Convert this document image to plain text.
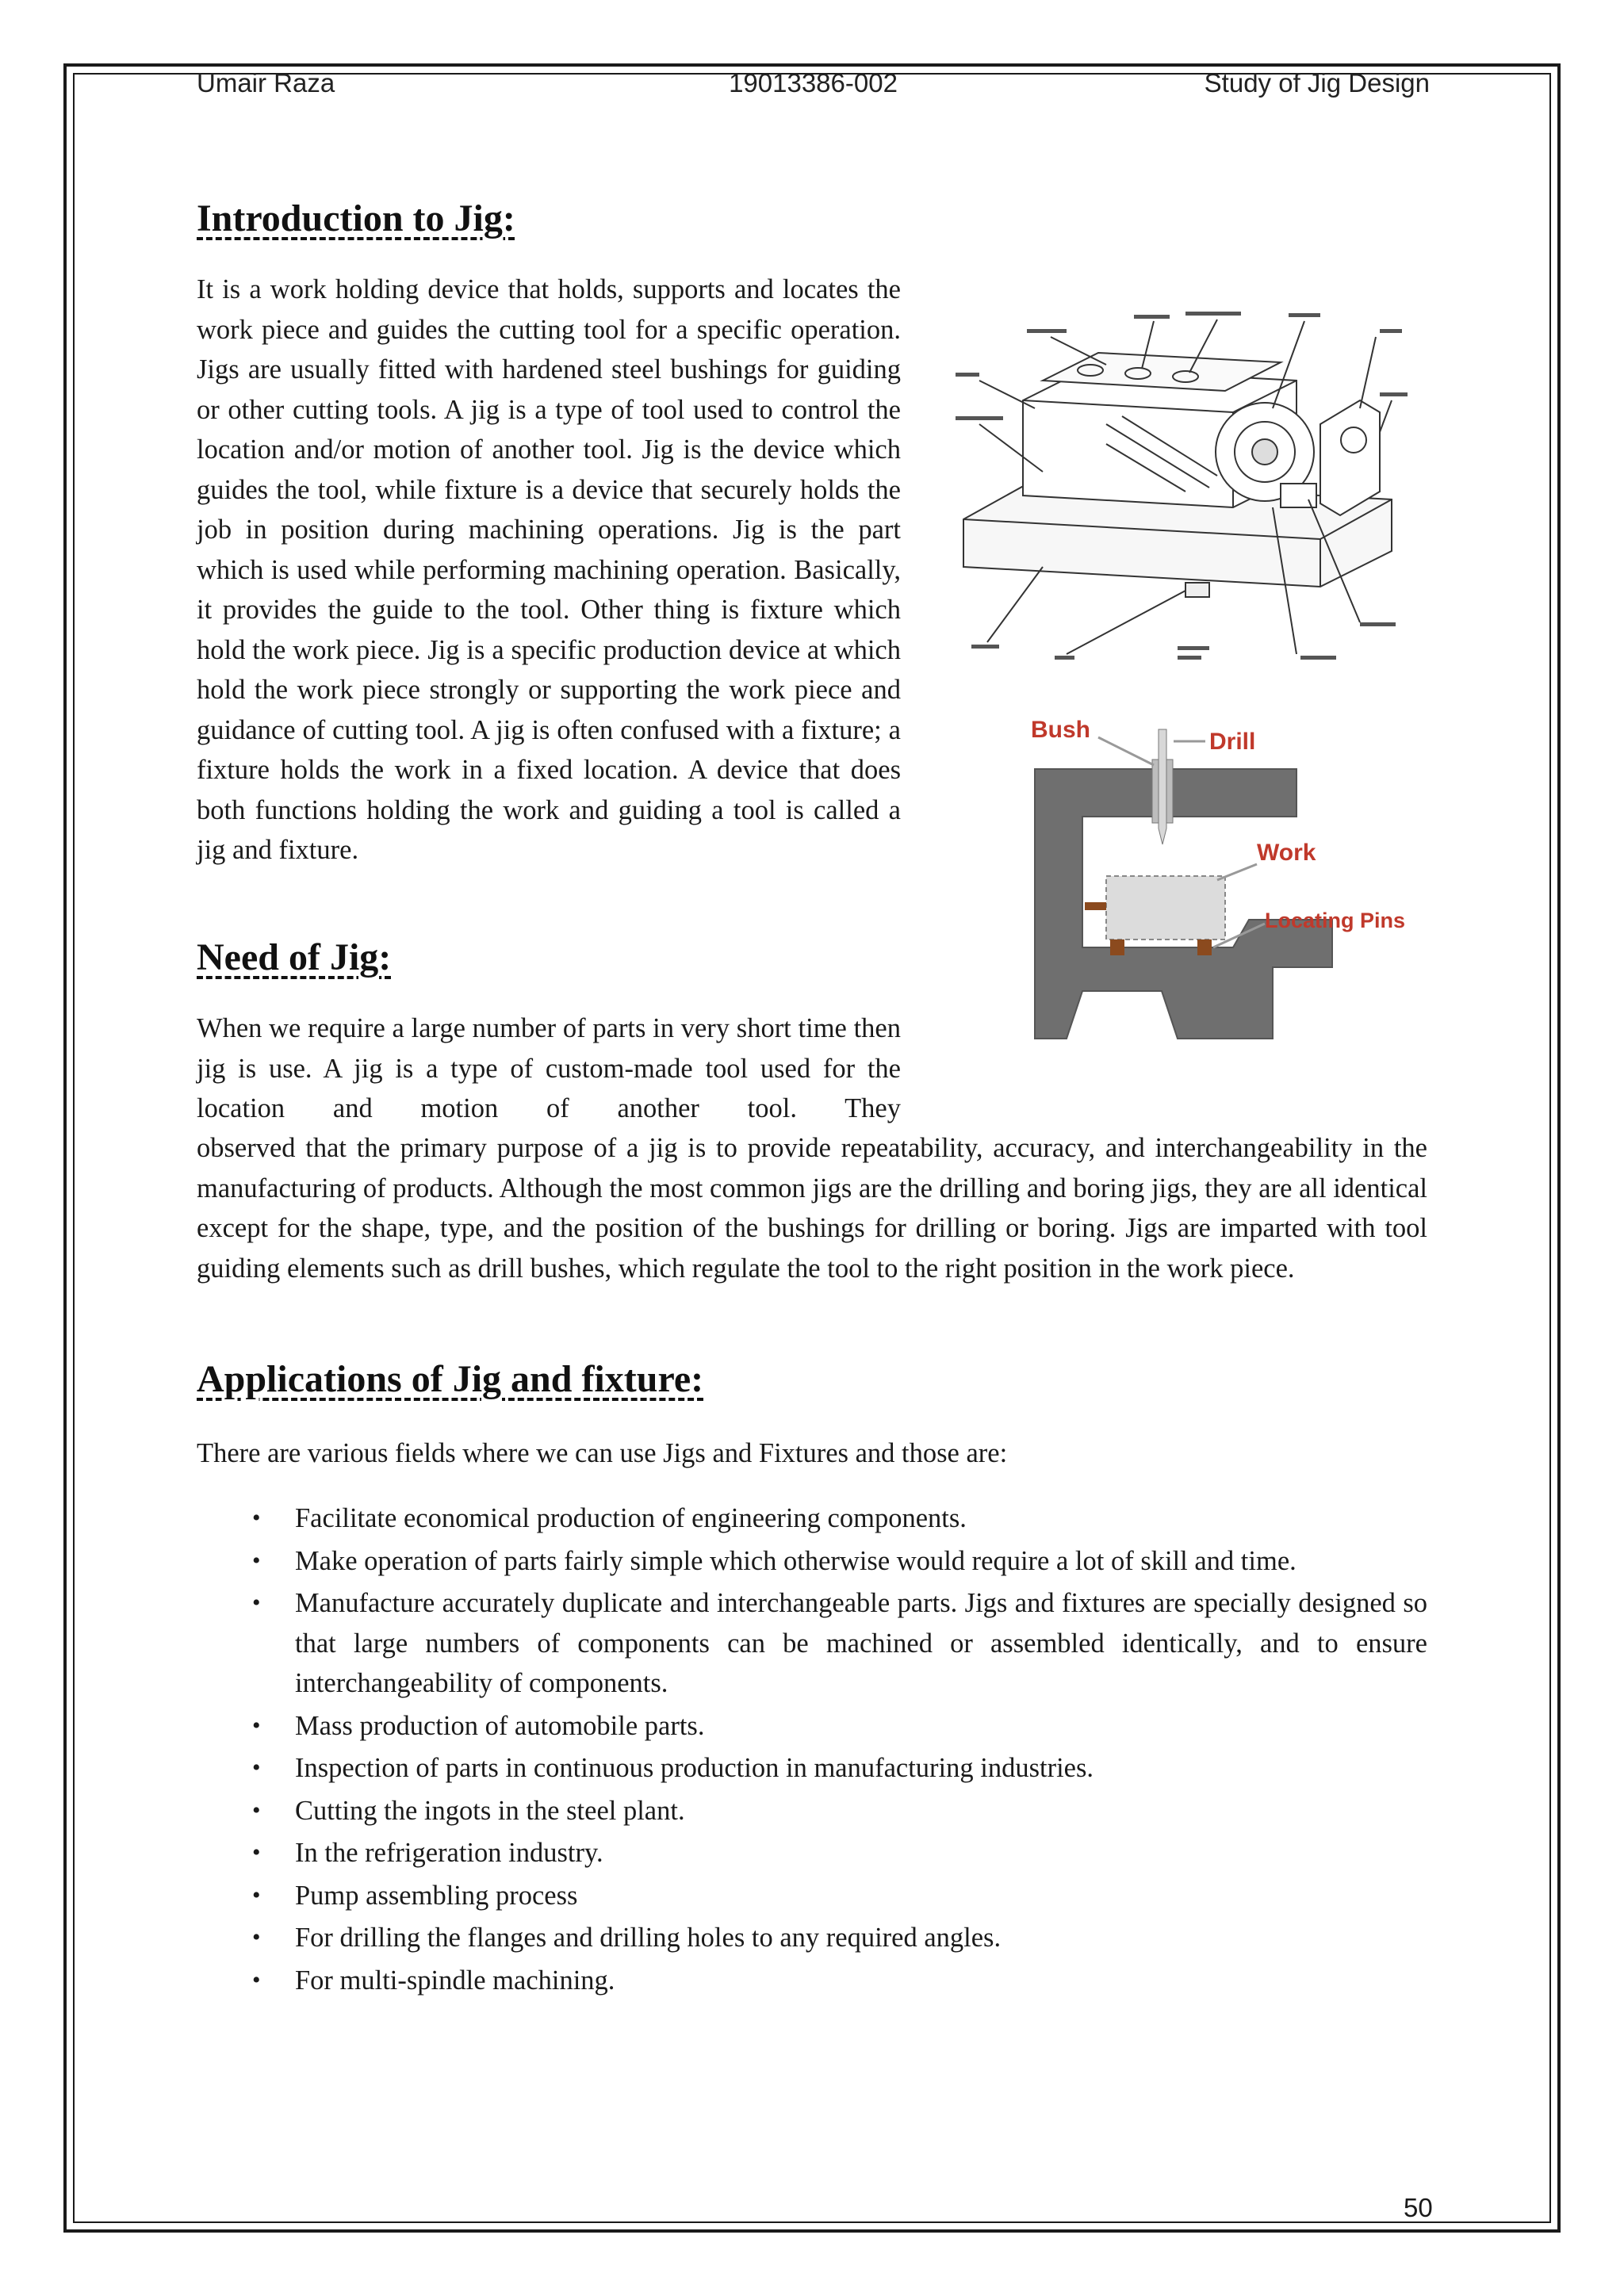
Umair Raza	19013386-002	Study of Jig Design
Introduction to Jig:

It is a work holding device that holds, supports and locates the work piece and guides the cutting tool for a specific operation. Jigs are usually fitted with hardened steel bushings for guiding or other cutting tools. A jig is a type of tool used to control the location and/or motion of another tool. Jig is the device which guides the tool, while fixture is a device that securely holds the job in position during machining operations. Jig is the part which is used while performing machining operation. Basically, it provides the guide to the tool. Other thing is fixture which hold the work piece. Jig is a specific production device at which hold the work piece strongly or supporting the work piece and guidance of cutting tool. A jig is often confused with a fixture; a fixture holds the work in a fixed location. A device that does both functions holding the work and guiding a tool is called a jig and fixture.

Need of Jig:

When we require a large number of parts in very short time then jig is use. A jig is a type of custom-made tool used for the location and motion of another tool. They

observed that the primary purpose of a jig is to provide repeatability, accuracy, and interchangeability in the manufacturing of products. Although the most common jigs are the drilling and boring jigs, they are all identical except for the shape, type, and the position of the bushings for drilling or boring. Jigs are imparted with tool guiding elements such as drill bushes, which regulate the tool to the right position in the work piece.

Applications of Jig and fixture:

There are various fields where we can use Jigs and Fixtures and those are:

• Facilitate economical production of engineering components.
• Make operation of parts fairly simple which otherwise would require a lot of skill and time.
• Manufacture accurately duplicate and interchangeable parts. Jigs and fixtures are specially designed so that large numbers of components can be machined or assembled identically, and to ensure interchangeability of components.
• Mass production of automobile parts.
• Inspection of parts in continuous production in manufacturing industries.
• Cutting the ingots in the steel plant.
• In the refrigeration industry.
• Pump assembling process
• For drilling the flanges and drilling holes to any required angles.
• For multi-spindle machining.
Bush	Drill
Work
Locating Pins
50
